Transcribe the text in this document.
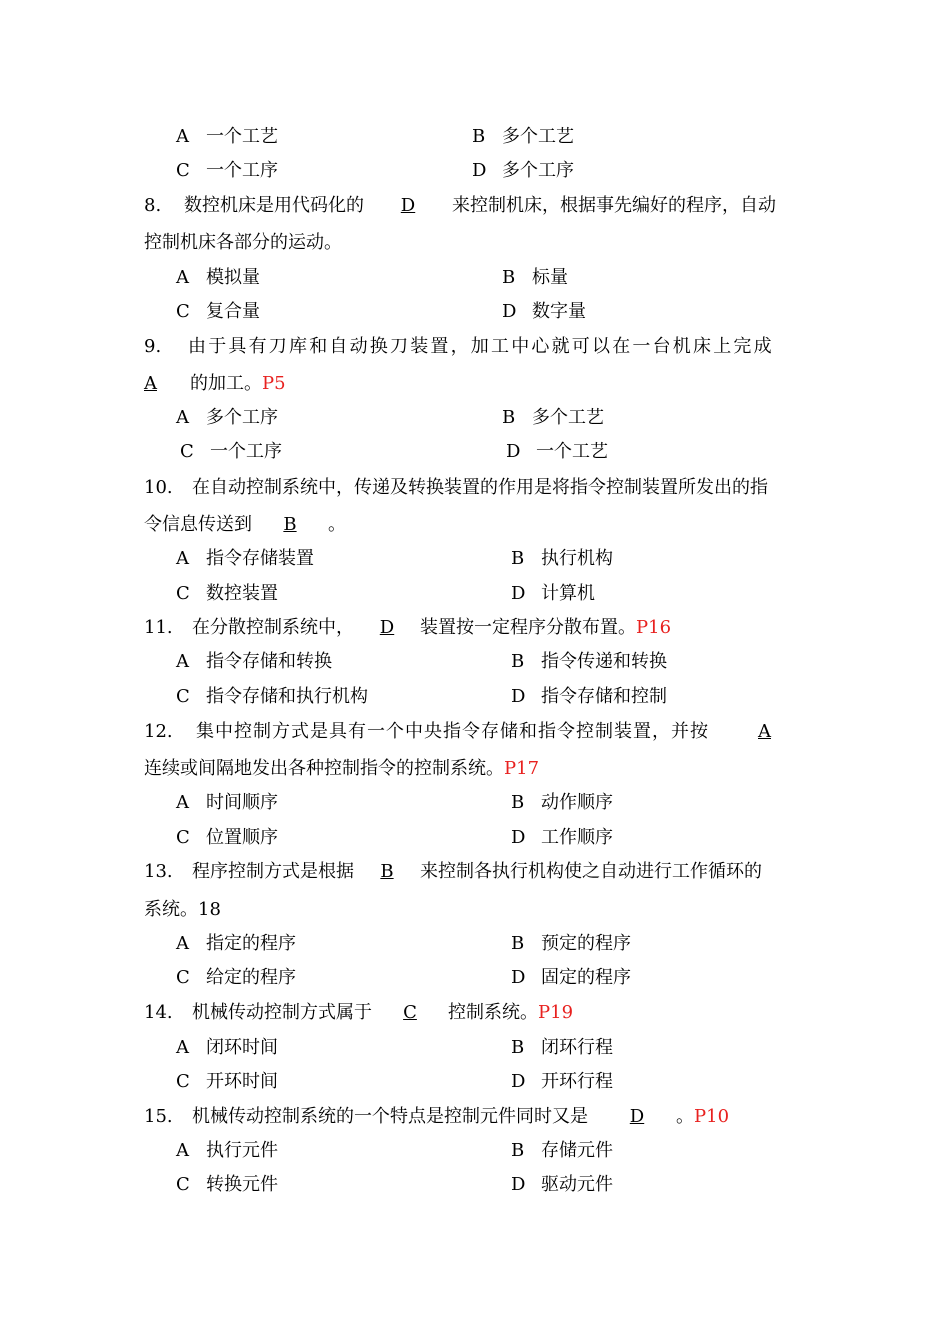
A 一个工艺	B 多个工艺
C 一个工序	D 多个工序
8. 数控机床是用代码化的 D 来控制机床，根据事先编好的程序，自动
控制机床各部分的运动。
A 模拟量	B 标量
C 复合量	D 数字量
9. 由于具有刀库和自动换刀装置，加工中心就可以在一台机床上完成
A 的加工。P5
A 多个工序	B 多个工艺
C 一个工序	D 一个工艺
10. 在自动控制系统中，传递及转换装置的作用是将指令控制装置所发出的指
令信息传送到 B 。
A 指令存储装置	B 执行机构
C 数控装置	D 计算机
11. 在分散控制系统中， D 装置按一定程序分散布置。P16
A 指令存储和转换	B 指令传递和转换
C 指令存储和执行机构	D 指令存储和控制
12. 集中控制方式是具有一个中央指令存储和指令控制装置，并按	A
连续或间隔地发出各种控制指令的控制系统。P17
A 时间顺序	B 动作顺序
C 位置顺序	D 工作顺序
13. 程序控制方式是根据 B 来控制各执行机构使之自动进行工作循环的
系统。18
A 指定的程序	B 预定的程序
C 给定的程序	D 固定的程序
14. 机械传动控制方式属于 C 控制系统。P19
A 闭环时间	B 闭环行程
C 开环时间	D 开环行程
15. 机械传动控制系统的一个特点是控制元件同时又是 D 。P10
A 执行元件	B 存储元件
C 转换元件	D 驱动元件
